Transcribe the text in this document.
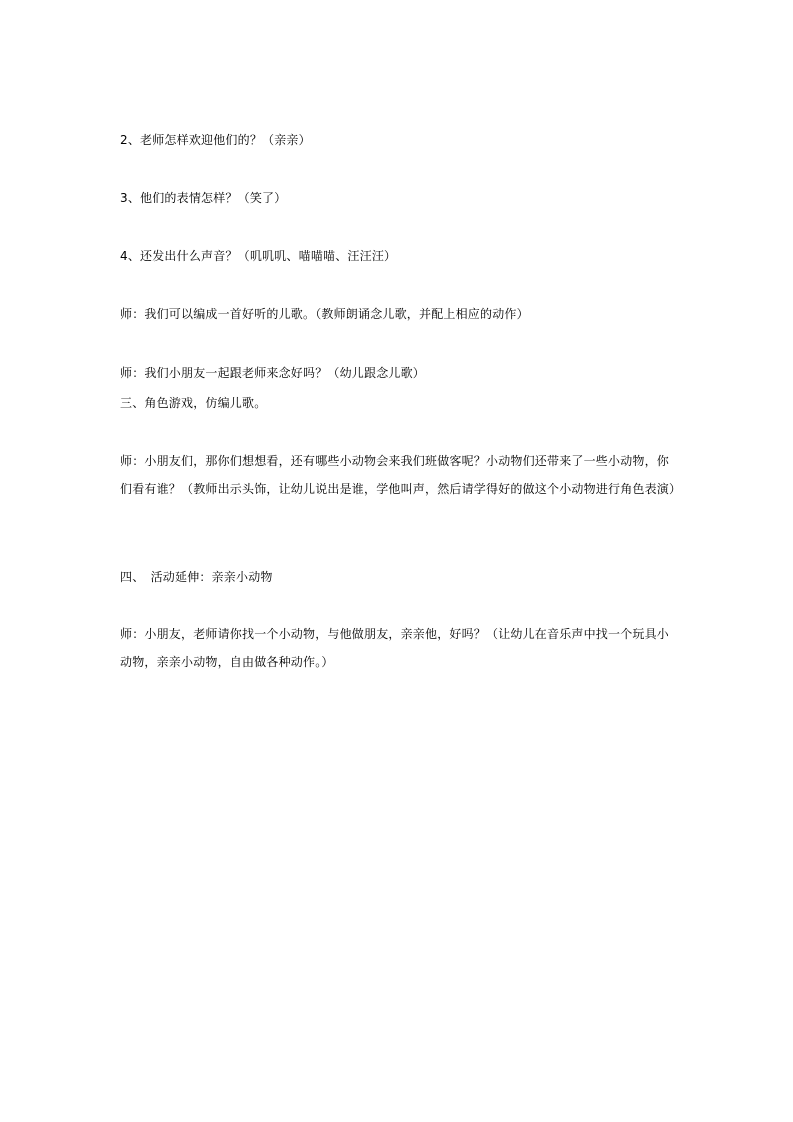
2、老师怎样欢迎他们的？（亲亲）
3、他们的表情怎样？（笑了）
4、还发出什么声音？（叽叽叽、喵喵喵、汪汪汪）
师：我们可以编成一首好听的儿歌。（教师朗诵念儿歌，并配上相应的动作）
师：我们小朋友一起跟老师来念好吗？（幼儿跟念儿歌）
三、角色游戏，仿编儿歌。
师：小朋友们，那你们想想看，还有哪些小动物会来我们班做客呢？小动物们还带来了一些小动物，你们看有谁？（教师出示头饰，让幼儿说出是谁，学他叫声，然后请学得好的做这个小动物进行角色表演）
四、　活动延伸：亲亲小动物
师：小朋友，老师请你找一个小动物，与他做朋友，亲亲他，好吗？（让幼儿在音乐声中找一个玩具小动物，亲亲小动物，自由做各种动作。）
